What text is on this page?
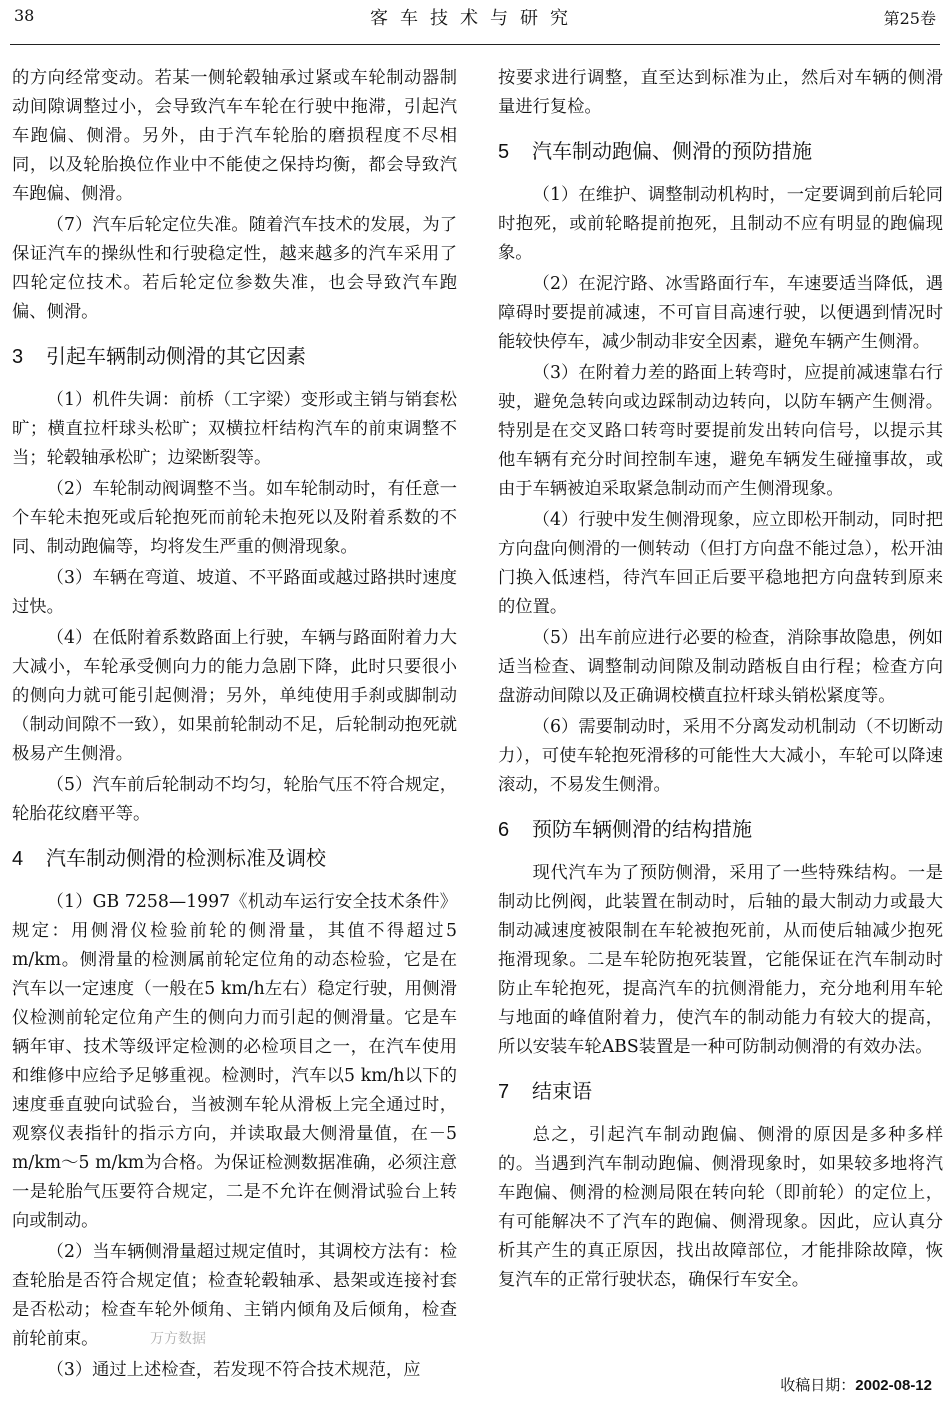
38	客车技术与研究	第25卷

的方向经常变动。若某一侧轮毂轴承过紧或车轮制动器制动间隙调整过小，会导致汽车车轮在行驶中拖滞，引起汽车跑偏、侧滑。另外，由于汽车轮胎的磨损程度不尽相同，以及轮胎换位作业中不能使之保持均衡，都会导致汽车跑偏、侧滑。

（7）汽车后轮定位失准。随着汽车技术的发展，为了保证汽车的操纵性和行驶稳定性，越来越多的汽车采用了四轮定位技术。若后轮定位参数失准，也会导致汽车跑偏、侧滑。

3 引起车辆制动侧滑的其它因素

（1）机件失调：前桥（工字梁）变形或主销与销套松旷；横直拉杆球头松旷；双横拉杆结构汽车的前束调整不当；轮毂轴承松旷；边梁断裂等。

（2）车轮制动阀调整不当。如车轮制动时，有任意一个车轮未抱死或后轮抱死而前轮未抱死以及附着系数的不同、制动跑偏等，均将发生严重的侧滑现象。

（3）车辆在弯道、坡道、不平路面或越过路拱时速度过快。

（4）在低附着系数路面上行驶，车辆与路面附着力大大减小，车轮承受侧向力的能力急剧下降，此时只要很小的侧向力就可能引起侧滑；另外，单纯使用手刹或脚制动（制动间隙不一致），如果前轮制动不足，后轮制动抱死就极易产生侧滑。

（5）汽车前后轮制动不均匀，轮胎气压不符合规定，轮胎花纹磨平等。

4 汽车制动侧滑的检测标准及调校

（1）GB 7258—1997《机动车运行安全技术条件》规定：用侧滑仪检验前轮的侧滑量，其值不得超过5 m/km。侧滑量的检测属前轮定位角的动态检验，它是在汽车以一定速度（一般在5 km/h左右）稳定行驶，用侧滑仪检测前轮定位角产生的侧向力而引起的侧滑量。它是车辆年审、技术等级评定检测的必检项目之一，在汽车使用和维修中应给予足够重视。检测时，汽车以5 km/h以下的速度垂直驶向试验台，当被测车轮从滑板上完全通过时，观察仪表指针的指示方向，并读取最大侧滑量值，在－5 m/km～5 m/km为合格。为保证检测数据准确，必须注意一是轮胎气压要符合规定，二是不允许在侧滑试验台上转向或制动。

（2）当车辆侧滑量超过规定值时，其调校方法有：检查轮胎是否符合规定值；检查轮毂轴承、悬架或连接衬套是否松动；检查车轮外倾角、主销内倾角及后倾角，检查前轮前束。

（3）通过上述检查，若发现不符合技术规范，应

按要求进行调整，直至达到标准为止，然后对车辆的侧滑量进行复检。

5 汽车制动跑偏、侧滑的预防措施

（1）在维护、调整制动机构时，一定要调到前后轮同时抱死，或前轮略提前抱死，且制动不应有明显的跑偏现象。

（2）在泥泞路、冰雪路面行车，车速要适当降低，遇障碍时要提前减速，不可盲目高速行驶，以便遇到情况时能较快停车，减少制动非安全因素，避免车辆产生侧滑。

（3）在附着力差的路面上转弯时，应提前减速靠右行驶，避免急转向或边踩制动边转向，以防车辆产生侧滑。特别是在交叉路口转弯时要提前发出转向信号，以提示其他车辆有充分时间控制车速，避免车辆发生碰撞事故，或由于车辆被迫采取紧急制动而产生侧滑现象。

（4）行驶中发生侧滑现象，应立即松开制动，同时把方向盘向侧滑的一侧转动（但打方向盘不能过急），松开油门换入低速档，待汽车回正后要平稳地把方向盘转到原来的位置。

（5）出车前应进行必要的检查，消除事故隐患，例如适当检查、调整制动间隙及制动踏板自由行程；检查方向盘游动间隙以及正确调校横直拉杆球头销松紧度等。

（6）需要制动时，采用不分离发动机制动（不切断动力），可使车轮抱死滑移的可能性大大减小，车轮可以降速滚动，不易发生侧滑。

6 预防车辆侧滑的结构措施

现代汽车为了预防侧滑，采用了一些特殊结构。一是制动比例阀，此装置在制动时，后轴的最大制动力或最大制动减速度被限制在车轮被抱死前，从而使后轴减少抱死拖滑现象。二是车轮防抱死装置，它能保证在汽车制动时防止车轮抱死，提高汽车的抗侧滑能力，充分地利用车轮与地面的峰值附着力，使汽车的制动能力有较大的提高，所以安装车轮ABS装置是一种可防制动侧滑的有效办法。

7 结束语

总之，引起汽车制动跑偏、侧滑的原因是多种多样的。当遇到汽车制动跑偏、侧滑现象时，如果较多地将汽车跑偏、侧滑的检测局限在转向轮（即前轮）的定位上，有可能解决不了汽车的跑偏、侧滑现象。因此，应认真分析其产生的真正原因，找出故障部位，才能排除故障，恢复汽车的正常行驶状态，确保行车安全。

万方数据
收稿日期：2002-08-12
